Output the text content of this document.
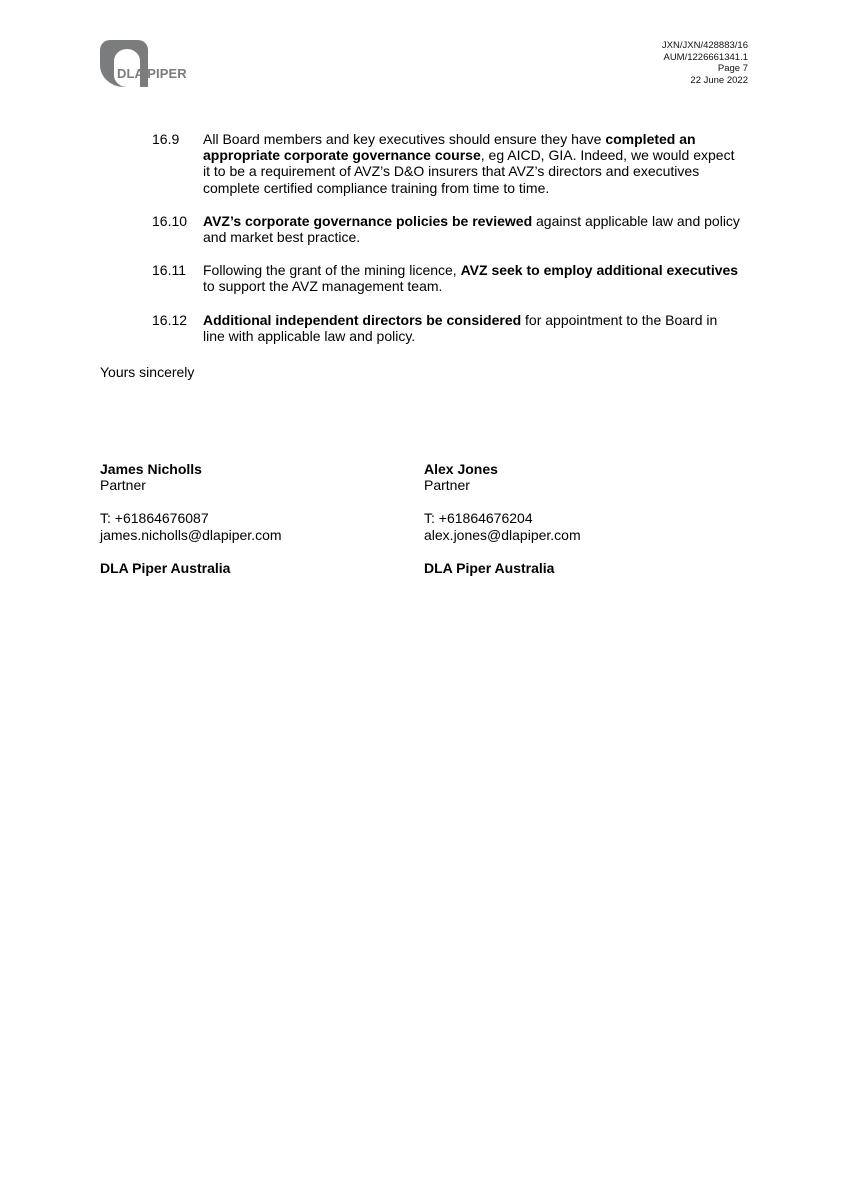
DLA PIPER
JXN/JXN/428883/16
AUM/1226661341.1
Page 7
22 June 2022
16.9	All Board members and key executives should ensure they have completed an appropriate corporate governance course, eg AICD, GIA. Indeed, we would expect it to be a requirement of AVZ’s D&O insurers that AVZ’s directors and executives complete certified compliance training from time to time.
16.10	AVZ’s corporate governance policies be reviewed against applicable law and policy and market best practice.
16.11	Following the grant of the mining licence, AVZ seek to employ additional executives to support the AVZ management team.
16.12	Additional independent directors be considered for appointment to the Board in line with applicable law and policy.
Yours sincerely
James Nicholls
Partner
T: +61864676087
james.nicholls@dlapiper.com
DLA Piper Australia
Alex Jones
Partner
T: +61864676204
alex.jones@dlapiper.com
DLA Piper Australia
